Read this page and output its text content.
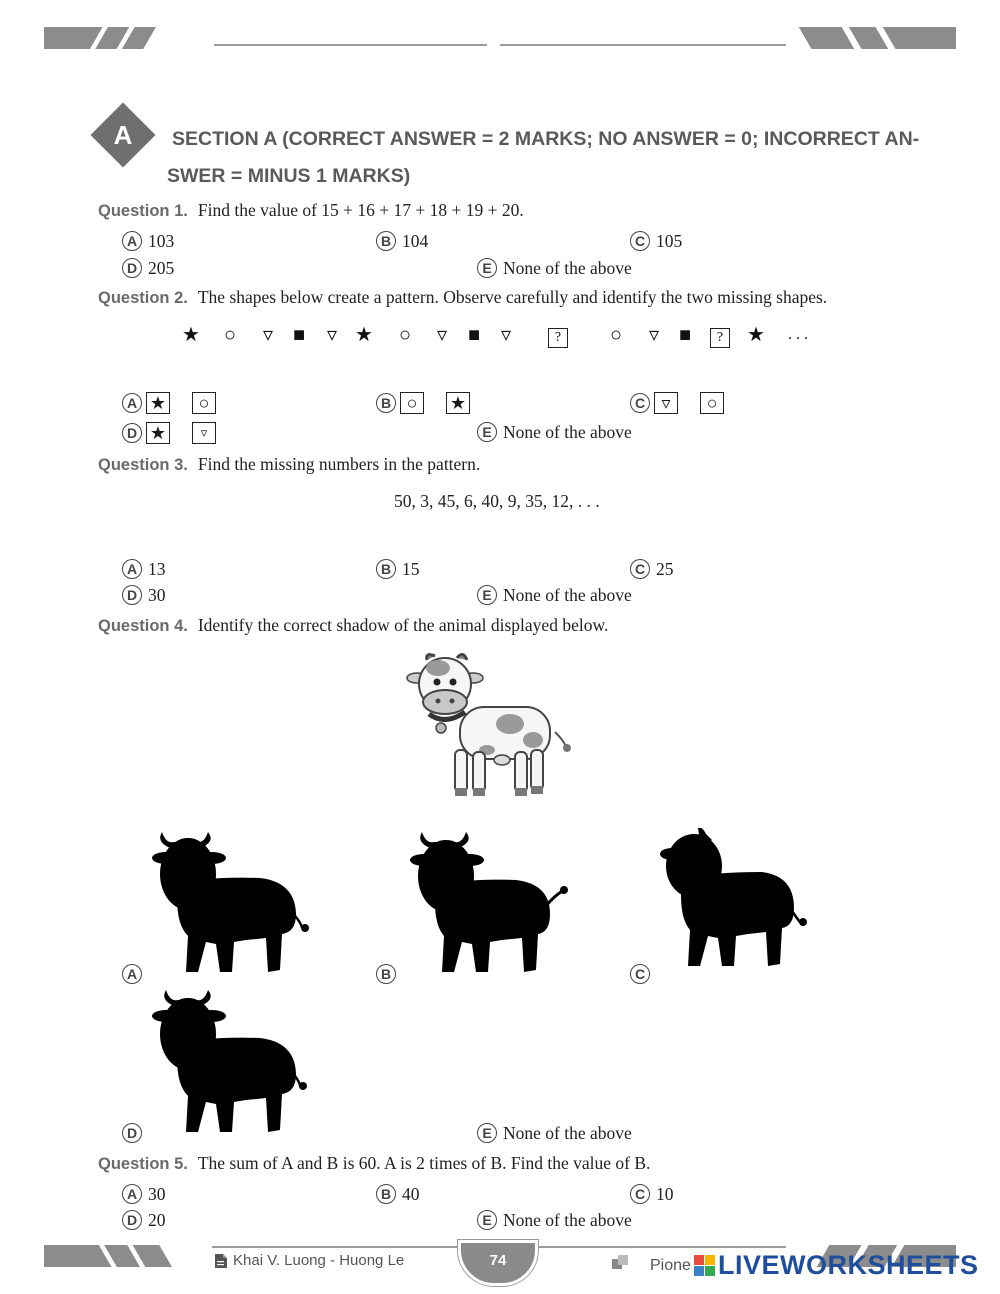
A	SECTION A (CORRECT ANSWER = 2 MARKS; NO ANSWER = 0; INCORRECT AN-
SWER = MINUS 1 MARKS)
Question 1. Find the value of 15 + 16 + 17 + 18 + 19 + 20.
A 103	B 104	C 105
D 205	E None of the above
Question 2. The shapes below create a pattern. Observe carefully and identify the two missing shapes.
★	○	▿ ■	▿ ★	○	▿	■	▿	?	○	▿ ■	?	★	. . .
A ★	○	B ○	★	C ▿	○
D ★	▿	E None of the above
Question 3. Find the missing numbers in the pattern.
50, 3, 45, 6, 40, 9, 35, 12, . . .
A 13	B 15	C 25
D 30	E None of the above
Question 4. Identify the correct shadow of the animal displayed below.
A	B	C
D	E None of the above
Question 5. The sum of A and B is 60. A is 2 times of B. Find the value of B.
A 30	B 40	C 10
D 20	E None of the above
Khai V. Luong - Huong Le	74	Pione LIVEWORKSHEETS
